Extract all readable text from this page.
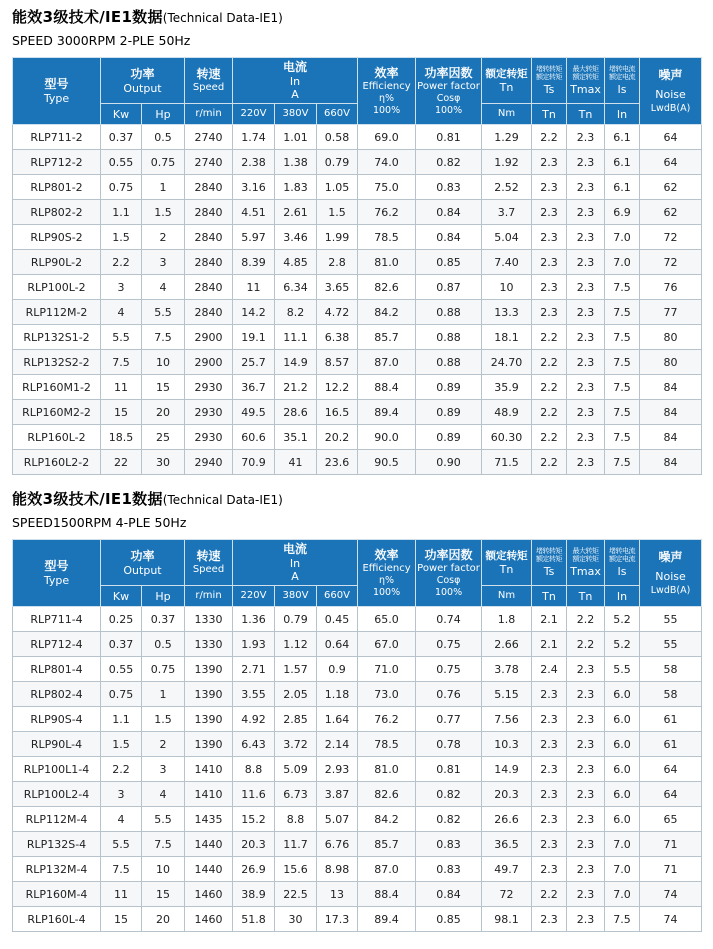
能效3级技术/IE1数据(Technical Data-IE1)
SPEED 3000RPM 2-PLE 50Hz
型号
Type

功率
Output

转速
Speed

电流
In
A

效率
Efficiency
η%
100%

功率因数
Power factor
Cosφ
100%

额定转矩
Tn

堵转转矩
额定转矩
Ts

最大转矩
额定转矩
Tmax

堵转电流
额定电流
Is

噪声
Noise
LwdB(A)

	Kw	Hp	r/min	220V	380V	660V			Nm	Tn	Tn	In	

RLP711-2	0.37	0.5	2740	1.74	1.01	0.58	69.0	0.81	1.29	2.2	2.3	6.1	64
RLP712-2	0.55	0.75	2740	2.38	1.38	0.79	74.0	0.82	1.92	2.3	2.3	6.1	64
RLP801-2	0.75	1	2840	3.16	1.83	1.05	75.0	0.83	2.52	2.3	2.3	6.1	62
RLP802-2	1.1	1.5	2840	4.51	2.61	1.5	76.2	0.84	3.7	2.3	2.3	6.9	62
RLP90S-2	1.5	2	2840	5.97	3.46	1.99	78.5	0.84	5.04	2.3	2.3	7.0	72
RLP90L-2	2.2	3	2840	8.39	4.85	2.8	81.0	0.85	7.40	2.3	2.3	7.0	72
RLP100L-2	3	4	2840	11	6.34	3.65	82.6	0.87	10	2.3	2.3	7.5	76
RLP112M-2	4	5.5	2840	14.2	8.2	4.72	84.2	0.88	13.3	2.3	2.3	7.5	77
RLP132S1-2	5.5	7.5	2900	19.1	11.1	6.38	85.7	0.88	18.1	2.2	2.3	7.5	80
RLP132S2-2	7.5	10	2900	25.7	14.9	8.57	87.0	0.88	24.70	2.2	2.3	7.5	80
RLP160M1-2	11	15	2930	36.7	21.2	12.2	88.4	0.89	35.9	2.2	2.3	7.5	84
RLP160M2-2	15	20	2930	49.5	28.6	16.5	89.4	0.89	48.9	2.2	2.3	7.5	84
RLP160L-2	18.5	25	2930	60.6	35.1	20.2	90.0	0.89	60.30	2.2	2.3	7.5	84
RLP160L2-2	22	30	2940	70.9	41	23.6	90.5	0.90	71.5	2.2	2.3	7.5	84
能效3级技术/IE1数据(Technical Data-IE1)
SPEED1500RPM 4-PLE 50Hz
型号
Type

功率
Output

转速
Speed

电流
In
A

效率
Efficiency
η%
100%

功率因数
Power factor
Cosφ
100%

额定转矩
Tn

堵转转矩
额定转矩
Ts

最大转矩
额定转矩
Tmax

堵转电流
额定电流
Is

噪声
Noise
LwdB(A)

	Kw	Hp	r/min	220V	380V	660V			Nm	Tn	Tn	In	

RLP711-4	0.25	0.37	1330	1.36	0.79	0.45	65.0	0.74	1.8	2.1	2.2	5.2	55
RLP712-4	0.37	0.5	1330	1.93	1.12	0.64	67.0	0.75	2.66	2.1	2.2	5.2	55
RLP801-4	0.55	0.75	1390	2.71	1.57	0.9	71.0	0.75	3.78	2.4	2.3	5.5	58
RLP802-4	0.75	1	1390	3.55	2.05	1.18	73.0	0.76	5.15	2.3	2.3	6.0	58
RLP90S-4	1.1	1.5	1390	4.92	2.85	1.64	76.2	0.77	7.56	2.3	2.3	6.0	61
RLP90L-4	1.5	2	1390	6.43	3.72	2.14	78.5	0.78	10.3	2.3	2.3	6.0	61
RLP100L1-4	2.2	3	1410	8.8	5.09	2.93	81.0	0.81	14.9	2.3	2.3	6.0	64
RLP100L2-4	3	4	1410	11.6	6.73	3.87	82.6	0.82	20.3	2.3	2.3	6.0	64
RLP112M-4	4	5.5	1435	15.2	8.8	5.07	84.2	0.82	26.6	2.3	2.3	6.0	65
RLP132S-4	5.5	7.5	1440	20.3	11.7	6.76	85.7	0.83	36.5	2.3	2.3	7.0	71
RLP132M-4	7.5	10	1440	26.9	15.6	8.98	87.0	0.83	49.7	2.3	2.3	7.0	71
RLP160M-4	11	15	1460	38.9	22.5	13	88.4	0.84	72	2.2	2.3	7.0	74
RLP160L-4	15	20	1460	51.8	30	17.3	89.4	0.85	98.1	2.3	2.3	7.5	74
